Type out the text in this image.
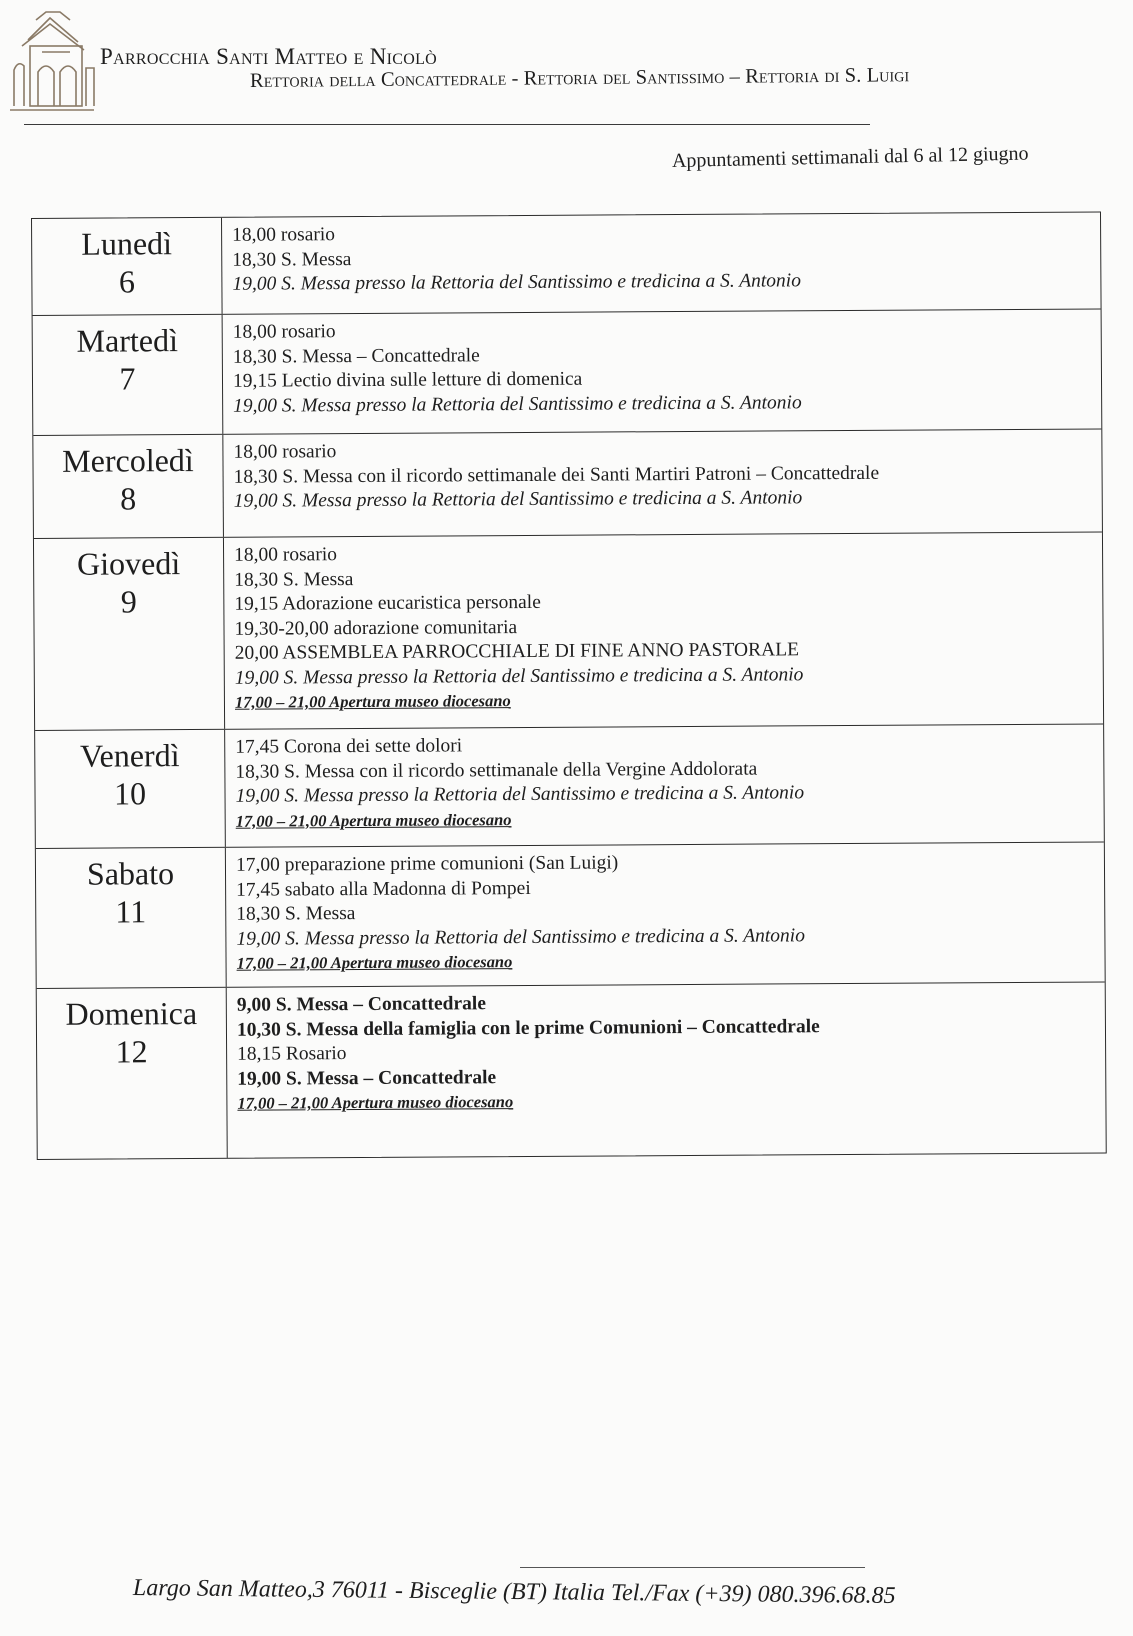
Parrocchia Santi Matteo e Nicolò
Rettoria della Concattedrale - Rettoria del Santissimo – Rettoria di S. Luigi
Appuntamenti settimanali dal 6 al 12 giugno
Lunedì
6
18,00 rosario
18,30 S. Messa
19,00 S. Messa presso la Rettoria del Santissimo e tredicina a S. Antonio
Martedì
7
18,00 rosario
18,30 S. Messa – Concattedrale
19,15 Lectio divina sulle letture di domenica
19,00 S. Messa presso la Rettoria del Santissimo e tredicina a S. Antonio
Mercoledì
8
18,00 rosario
18,30 S. Messa con il ricordo settimanale dei Santi Martiri Patroni – Concattedrale
19,00 S. Messa presso la Rettoria del Santissimo e tredicina a S. Antonio
Giovedì
9
18,00 rosario
18,30 S. Messa
19,15 Adorazione eucaristica personale
19,30-20,00 adorazione comunitaria
20,00 ASSEMBLEA PARROCCHIALE DI FINE ANNO PASTORALE
19,00 S. Messa presso la Rettoria del Santissimo e tredicina a S. Antonio
17,00 – 21,00 Apertura museo diocesano
Venerdì
10
17,45 Corona dei sette dolori
18,30 S. Messa con il ricordo settimanale della Vergine Addolorata
19,00 S. Messa presso la Rettoria del Santissimo e tredicina a S. Antonio
17,00 – 21,00 Apertura museo diocesano
Sabato
11
17,00 preparazione prime comunioni (San Luigi)
17,45 sabato alla Madonna di Pompei
18,30 S. Messa
19,00 S. Messa presso la Rettoria del Santissimo e tredicina a S. Antonio
17,00 – 21,00 Apertura museo diocesano
Domenica
12
9,00 S. Messa – Concattedrale
10,30 S. Messa della famiglia con le prime Comunioni – Concattedrale
18,15 Rosario
19,00 S. Messa – Concattedrale
17,00 – 21,00 Apertura museo diocesano
Largo San Matteo,3 76011 - Bisceglie (BT) Italia Tel./Fax (+39) 080.396.68.85
